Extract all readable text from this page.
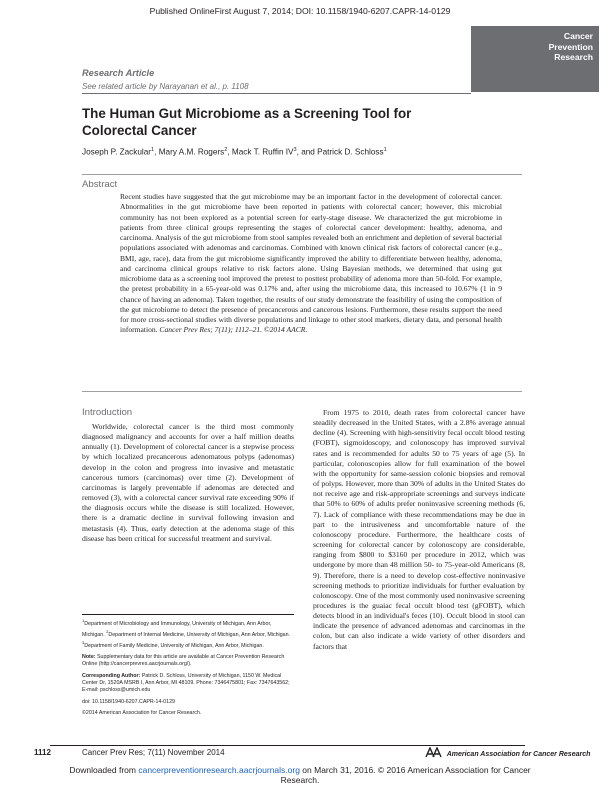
Published OnlineFirst August 7, 2014; DOI: 10.1158/1940-6207.CAPR-14-0129
Cancer
Prevention
Research
Research Article
See related article by Narayanan et al., p. 1108
The Human Gut Microbiome as a Screening Tool for Colorectal Cancer
Joseph P. Zackular$^1$, Mary A.M. Rogers$^2$, Mack T. Ruffin $IV^3$, and Patrick D. Schloss$^1$
Abstract

Recent studies have suggested that the gut microbiome may be an important factor in the development of colorectal cancer. Abnormalities in the gut microbiome have been reported in patients with colorectal cancer; however, this microbial community has not been explored as a potential screen for early-stage disease. We characterized the gut microbiome in patients from three clinical groups representing the stages of colorectal cancer development: healthy, adenoma, and carcinoma. Analysis of the gut microbiome from stool samples revealed both an enrichment and depletion of several bacterial populations associated with adenomas and carcinomas. Combined with known clinical risk factors of colorectal cancer (e.g., BMI, age, race), data from the gut microbiome significantly improved the ability to differentiate between healthy, adenoma, and carcinoma clinical groups relative to risk factors alone. Using Bayesian methods, we determined that using gut microbiome data as a screening tool improved the pretest to posttest probability of adenoma more than 50-fold. For example, the pretest probability in a 65-year-old was 0.17% and, after using the microbiome data, this increased to 10.67% (1 in 9 chance of having an adenoma). Taken together, the results of our study demonstrate the feasibility of using the composition of the gut microbiome to detect the presence of precancerous and cancerous lesions. Furthermore, these results support the need for more cross-sectional studies with diverse populations and linkage to other stool markers, dietary data, and personal health information. Cancer Prev Res; 7(11); 1112–21. ©2014 AACR.

Introduction

Worldwide, colorectal cancer is the third most commonly diagnosed malignancy and accounts for over a half million deaths annually (1). Development of colorectal cancer is a stepwise process by which localized precancerous adenomatous polyps (adenomas) develop in the colon and progress into invasive and metastatic cancerous tumors (carcinomas) over time (2). Development of carcinomas is largely preventable if adenomas are detected and removed (3), with a colorectal cancer survival rate exceeding 90% if the diagnosis occurs while the disease is still localized. However, there is a dramatic decline in survival following invasion and metastasis (4). Thus, early detection at the adenoma stage of this disease has been critical for successful treatment and survival.

From 1975 to 2010, death rates from colorectal cancer have steadily decreased in the United States, with a 2.8% average annual decline (4). Screening with high-sensitivity fecal occult blood testing (FOBT), sigmoidoscopy, and colonoscopy has improved survival rates and is recommended for adults 50 to 75 years of age (5). In particular, colonoscopies allow for full examination of the bowel with the opportunity for same-session colonic biopsies and removal of polyps. However, more than 30% of adults in the United States do not receive age and risk-appropriate screenings and surveys indicate that 50% to 60% of adults prefer noninvasive screening methods (6, 7). Lack of compliance with these recommendations may be due in part to the intrusiveness and uncomfortable nature of the colonoscopy procedure. Furthermore, the healthcare costs of screening for colorectal cancer by colonoscopy are considerable, ranging from $800 to $3160 per procedure in 2012, which was undergone by more than 48 million 50- to 75-year-old Americans (8, 9). Therefore, there is a need to develop cost-effective noninvasive screening methods to prioritize individuals for further evaluation by colonoscopy. One of the most commonly used noninvasive screening procedures is the guaiac fecal occult blood test (gFOBT), which detects blood in an individual's feces (10). Occult blood in stool can indicate the presence of advanced adenomas and carcinomas in the colon, but can also indicate a wide variety of other disorders and factors that

$^1$Department of Microbiology and Immunology, University of Michigan, Ann Arbor, Michigan. $^2$Department of Internal Medicine, University of Michigan, Ann Arbor, Michigan. $^3$Department of Family Medicine, University of Michigan, Ann Arbor, Michigan.

Note: Supplementary data for this article are available at Cancer Prevention Research Online (http://cancerprevres.aacrjournals.org/).

Corresponding Author: Patrick D. Schloss, University of Michigan, 1150 W. Medical Center Dr, 1520A MSRB I, Ann Arbor, MI 48109. Phone: 7346475801; Fax: 7347643562; E-mail: pschloss@umich.edu

doi: 10.1158/1940-6207.CAPR-14-0129

©2014 American Association for Cancer Research.

1112	Cancer Prev Res; 7(11) November 2014	American Association for Cancer Research
Downloaded from cancerpreventionresearch.aacrjournals.org on March 31, 2016. © 2016 American Association for Cancer Research.
